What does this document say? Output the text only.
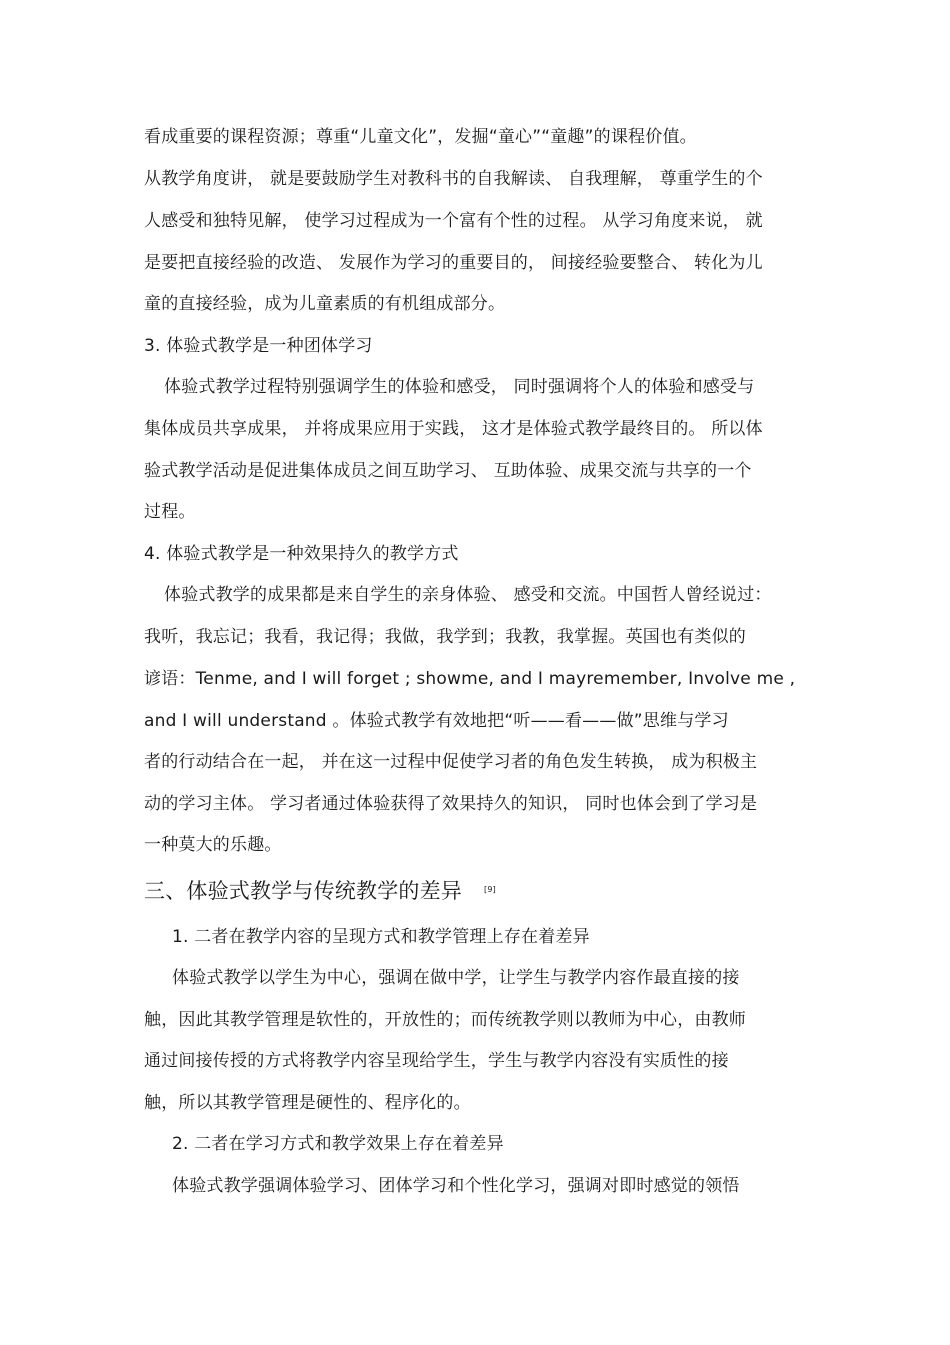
看成重要的课程资源；尊重“儿童文化”，发掘“童心”“童趣”的课程价值。
从教学角度讲， 就是要鼓励学生对教科书的自我解读、 自我理解， 尊重学生的个
人感受和独特见解， 使学习过程成为一个富有个性的过程。 从学习角度来说， 就
是要把直接经验的改造、 发展作为学习的重要目的， 间接经验要整合、 转化为儿
童的直接经验，成为儿童素质的有机组成部分。
3. 体验式教学是一种团体学习
体验式教学过程特别强调学生的体验和感受， 同时强调将个人的体验和感受与
集体成员共享成果， 并将成果应用于实践， 这才是体验式教学最终目的。 所以体
验式教学活动是促进集体成员之间互助学习、 互助体验、成果交流与共享的一个
过程。
4. 体验式教学是一种效果持久的教学方式
体验式教学的成果都是来自学生的亲身体验、 感受和交流。中国哲人曾经说过：
我听，我忘记；我看，我记得；我做，我学到；我教，我掌握。英国也有类似的
谚语：Tenme, and I will forget ; showme, and I mayremember, Involve me ,
and I will understand 。体验式教学有效地把“听——看——做”思维与学习
者的行动结合在一起， 并在这一过程中促使学习者的角色发生转换， 成为积极主
动的学习主体。 学习者通过体验获得了效果持久的知识， 同时也体会到了学习是
一种莫大的乐趣。
三、体验式教学与传统教学的差异	[9]
1. 二者在教学内容的呈现方式和教学管理上存在着差异
体验式教学以学生为中心，强调在做中学，让学生与教学内容作最直接的接
触，因此其教学管理是软性的，开放性的；而传统教学则以教师为中心，由教师
通过间接传授的方式将教学内容呈现给学生，学生与教学内容没有实质性的接
触，所以其教学管理是硬性的、程序化的。
2. 二者在学习方式和教学效果上存在着差异
体验式教学强调体验学习、团体学习和个性化学习，强调对即时感觉的领悟
